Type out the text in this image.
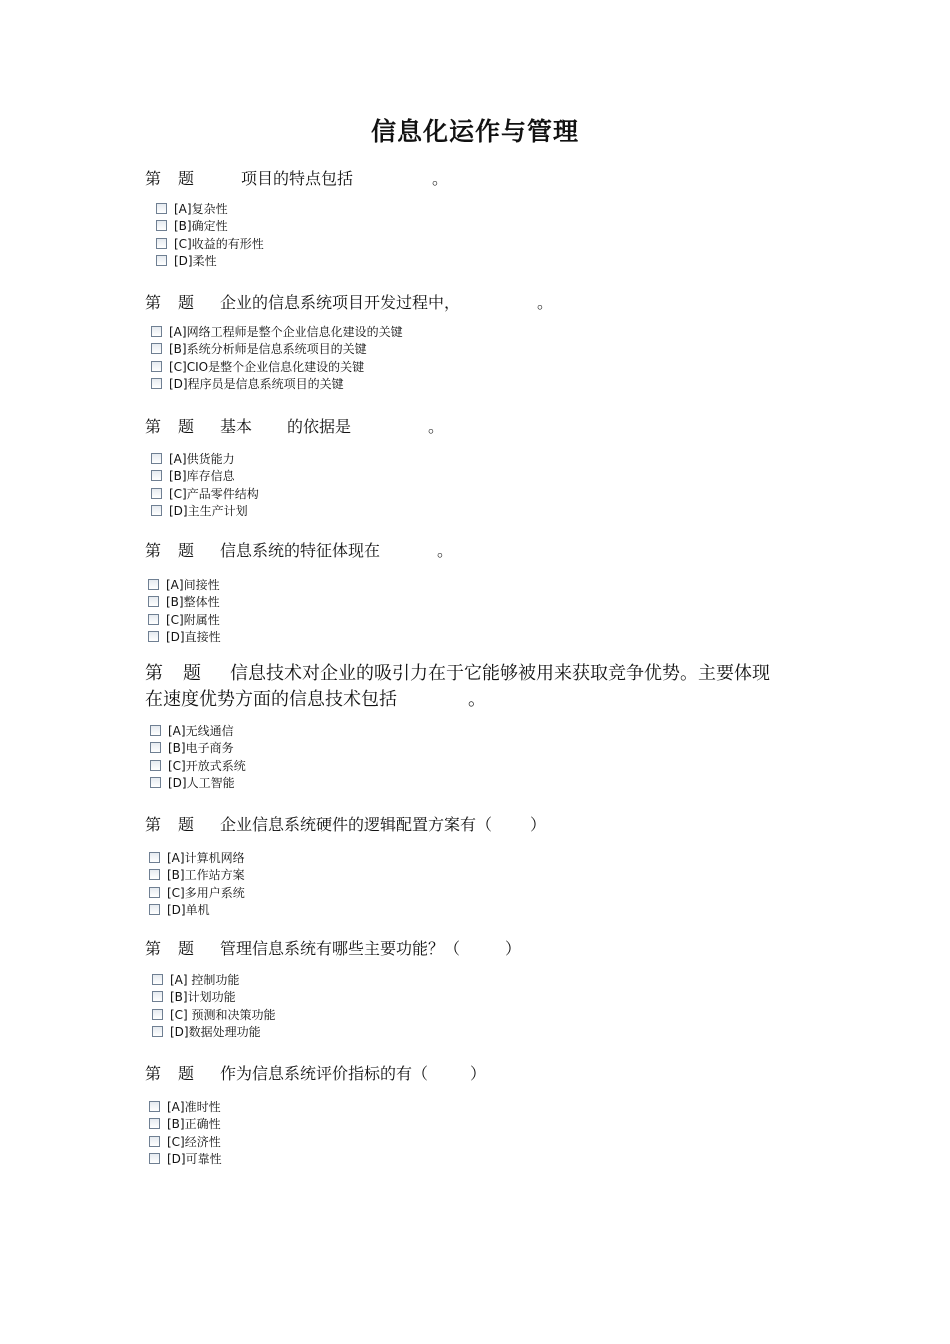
信息化运作与管理
第 题	项目的特点包括	。
[A]复杂性
[B]确定性
[C]收益的有形性
[D]柔性
第 题 企业的信息系统项目开发过程中，	。
[A]网络工程师是整个企业信息化建设的关键
[B]系统分析师是信息系统项目的关键
[C]CIO是整个企业信息化建设的关键
[D]程序员是信息系统项目的关键
第 题 基本 的依据是	。
[A]供货能力
[B]库存信息
[C]产品零件结构
[D]主生产计划
第 题 信息系统的特征体现在	。
[A]间接性
[B]整体性
[C]附属性
[D]直接性
第 题 信息技术对企业的吸引力在于它能够被用来获取竞争优势。主要体现
在速度优势方面的信息技术包括	。
[A]无线通信
[B]电子商务
[C]开放式系统
[D]人工智能
第 题 企业信息系统硬件的逻辑配置方案有（ ）
[A]计算机网络
[B]工作站方案
[C]多用户系统
[D]单机
第 题 管理信息系统有哪些主要功能？（	）
[A] 控制功能
[B]计划功能
[C] 预测和决策功能
[D]数据处理功能
第 题 作为信息系统评价指标的有（	）
[A]准时性
[B]正确性
[C]经济性
[D]可靠性
